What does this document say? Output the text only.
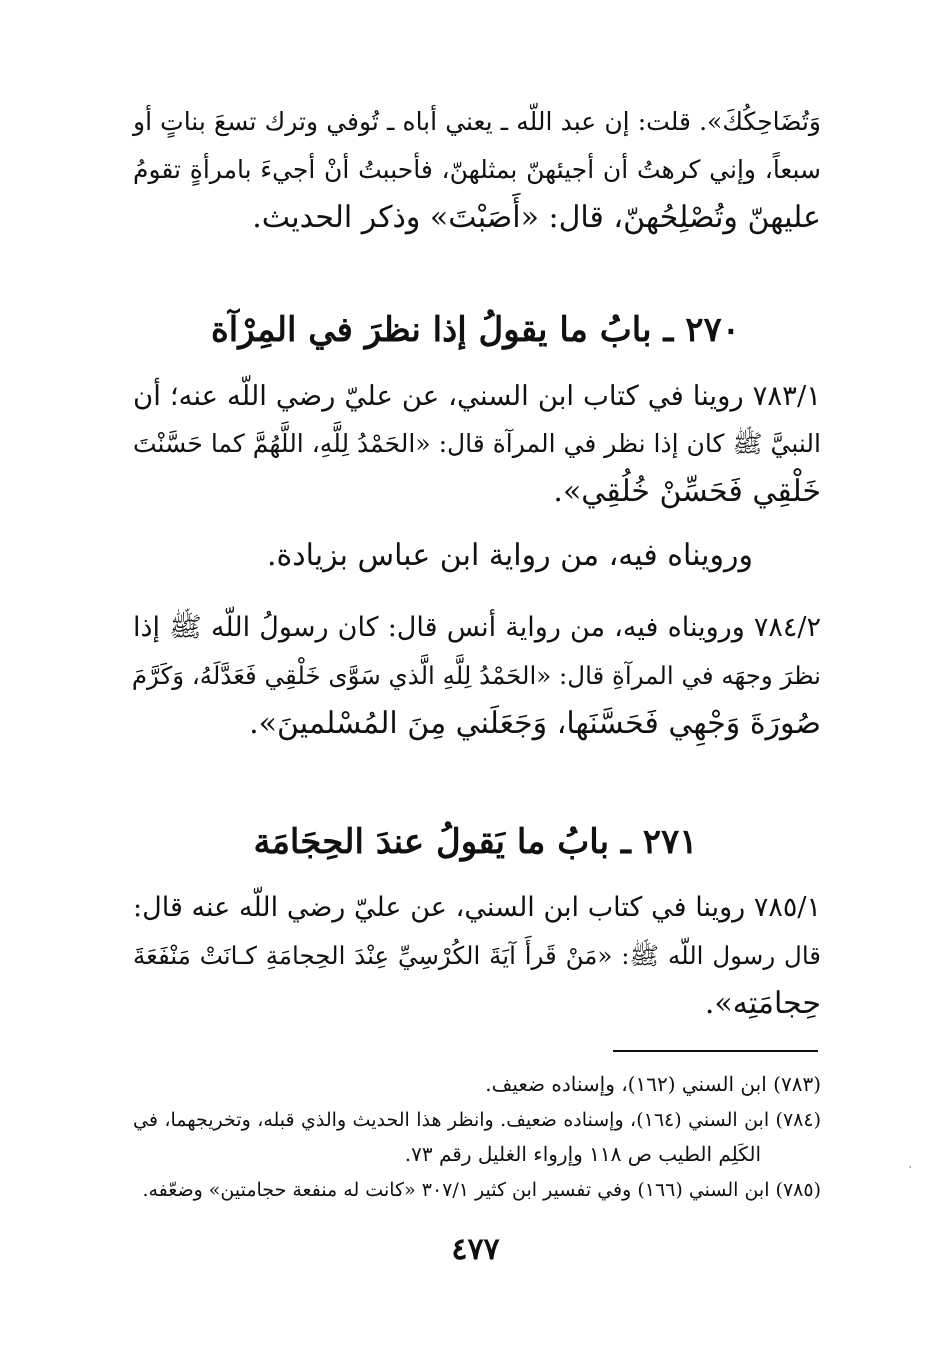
وَتُضَاحِكُكَ». قلت: إن عبد اللّه ـ يعني أباه ـ تُوفي وترك تسعَ بناتٍ أو
سبعاً، وإني كرهتُ أن أجيئهنّ بمثلهنّ، فأحببتُ أنْ أجيءَ بامرأةٍ تقومُ
عليهنّ وتُصْلِحُهنّ، قال: «أَصَبْتَ» وذكر الحديث.
٢٧٠ ـ بابُ ما يقولُ إذا نظرَ في المِرْآة
٧٨٣/١ روينا في كتاب ابن السني، عن عليّ رضي اللّه عنه؛ أن
النبيَّ ﷺ كان إذا نظر في المرآة قال: «الحَمْدُ لِلَّهِ، اللَّهُمَّ كما حَسَّنْتَ
خَلْقِي فَحَسِّنْ خُلُقِي».
ورويناه فيه، من رواية ابن عباس بزيادة.
٧٨٤/٢ ورويناه فيه، من رواية أنس قال: كان رسولُ اللّه ﷺ إذا
نظرَ وجهَه في المرآةِ قال: «الحَمْدُ لِلَّهِ الَّذي سَوَّى خَلْقِي فَعَدَّلَهُ، وَكَرَّمَ
صُورَةَ وَجْهِي فَحَسَّنَها، وَجَعَلَني مِنَ المُسْلمينَ».
٢٧١ ـ بابُ ما يَقولُ عندَ الحِجَامَة
٧٨٥/١ روينا في كتاب ابن السني، عن عليّ رضي اللّه عنه قال:
قال رسول اللّه ﷺ: «مَنْ قَرأَ آيَةَ الكُرْسِيِّ عِنْدَ الحِجامَةِ كـانَتْ مَنْفَعَةَ
حِجامَتِه».
(٧٨٣) ابن السني (١٦٢)، وإسناده ضعيف.
(٧٨٤) ابن السني (١٦٤)، وإسناده ضعيف. وانظر هذا الحديث والذي قبله، وتخريجهما، في
الكَلِم الطيب ص ١١٨ وإرواء الغليل رقم ٧٣.
(٧٨٥) ابن السني (١٦٦) وفي تفسير ابن كثير ٣٠٧/١ «كانت له منفعة حجامتين» وضعّفه.
٤٧٧
·
